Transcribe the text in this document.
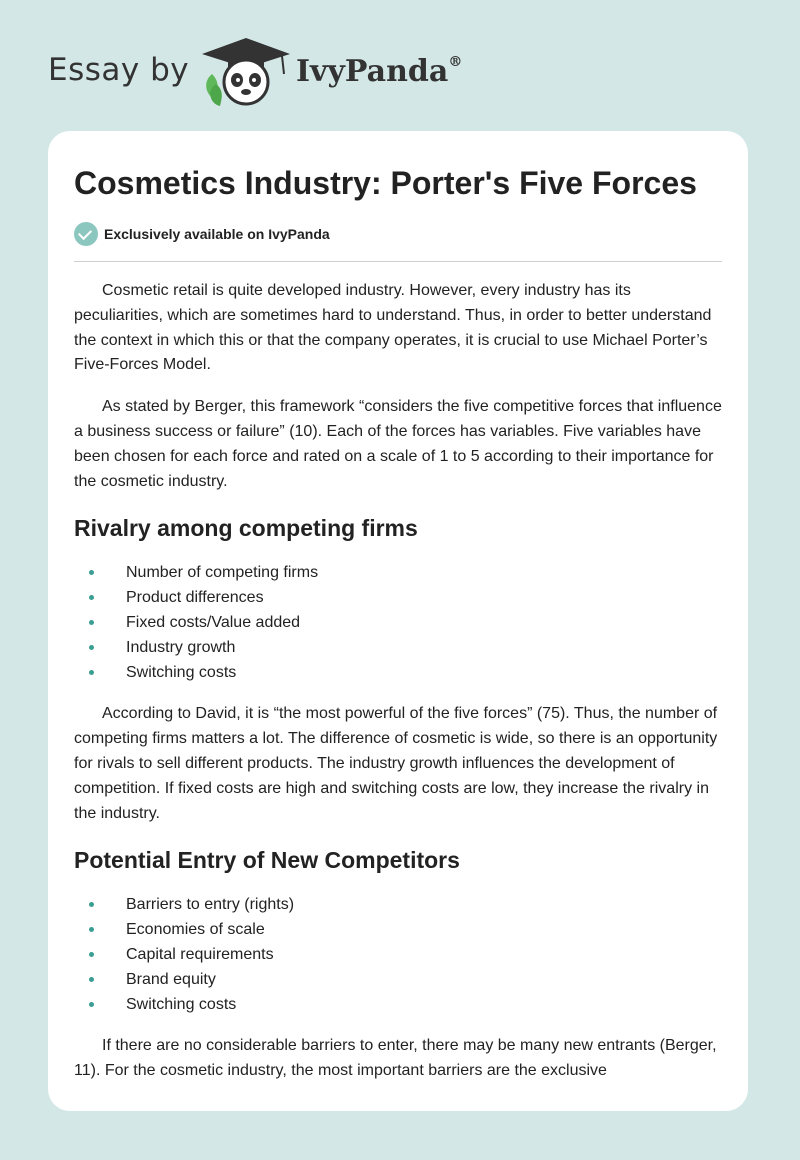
Essay by	IvyPanda®
Cosmetics Industry: Porter's Five Forces
Exclusively available on IvyPanda

Cosmetic retail is quite developed industry. However, every industry has its peculiarities, which are sometimes hard to understand. Thus, in order to better understand the context in which this or that the company operates, it is crucial to use Michael Porter’s Five-Forces Model.

As stated by Berger, this framework “considers the five competitive forces that influence a business success or failure” (10). Each of the forces has variables. Five variables have been chosen for each force and rated on a scale of 1 to 5 according to their importance for the cosmetic industry.

Rivalry among competing firms
Number of competing firms
Product differences
Fixed costs/Value added
Industry growth
Switching costs

According to David, it is “the most powerful of the five forces” (75). Thus, the number of competing firms matters a lot. The difference of cosmetic is wide, so there is an opportunity for rivals to sell different products. The industry growth influences the development of competition. If fixed costs are high and switching costs are low, they increase the rivalry in the industry.

Potential Entry of New Competitors
Barriers to entry (rights)
Economies of scale
Capital requirements
Brand equity
Switching costs

If there are no considerable barriers to enter, there may be many new entrants (Berger, 11). For the cosmetic industry, the most important barriers are the exclusive
